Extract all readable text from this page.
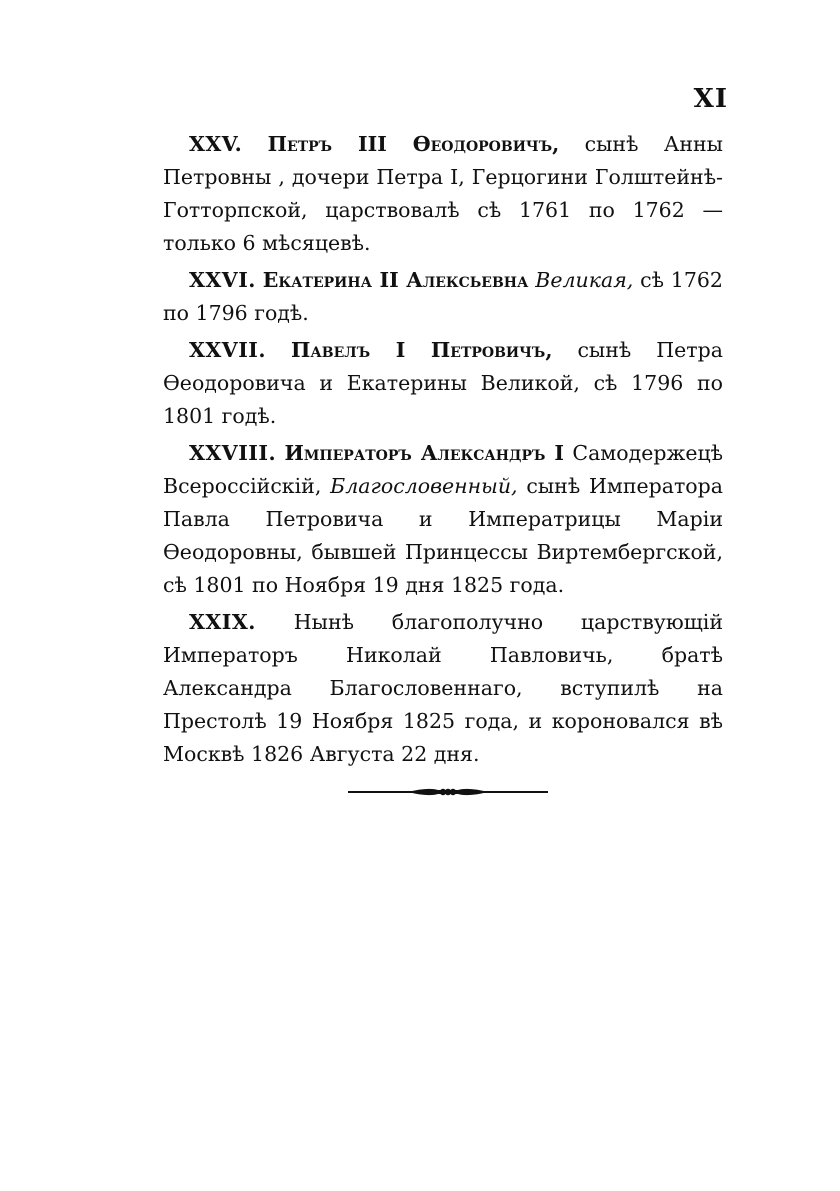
XI

XXV. Петръ III Өеодоровичъ, сынѣ Анны Петровны , дочери Петра I, Герцогини Голштейнѣ-Готторпской, царствовалѣ сѣ 1761 по 1762 — только 6 мѣсяцевѣ.

XXVI. Екатерина II Алексьевна Великая, сѣ 1762 по 1796 годѣ.

XXVII. Павелъ I Петровичъ, сынѣ Петра Өеодоровича и Екатерины Великой, сѣ 1796 по 1801 годѣ.

XXVIII. Императоръ Александръ I Самодержецѣ Всероссійскій, Благословенный, сынѣ Императора Павла Петровича и Императрицы Маріи Өеодоровны, бывшей Принцессы Виртембергской, сѣ 1801 по Ноября 19 дня 1825 года.

XXIX. Нынѣ благополучно царствующій Императоръ Николай Павловичь, братѣ Александра Благословеннаго, вступилѣ на Престолѣ 19 Ноября 1825 года, и короновался вѣ Москвѣ 1826 Августа 22 дня.
